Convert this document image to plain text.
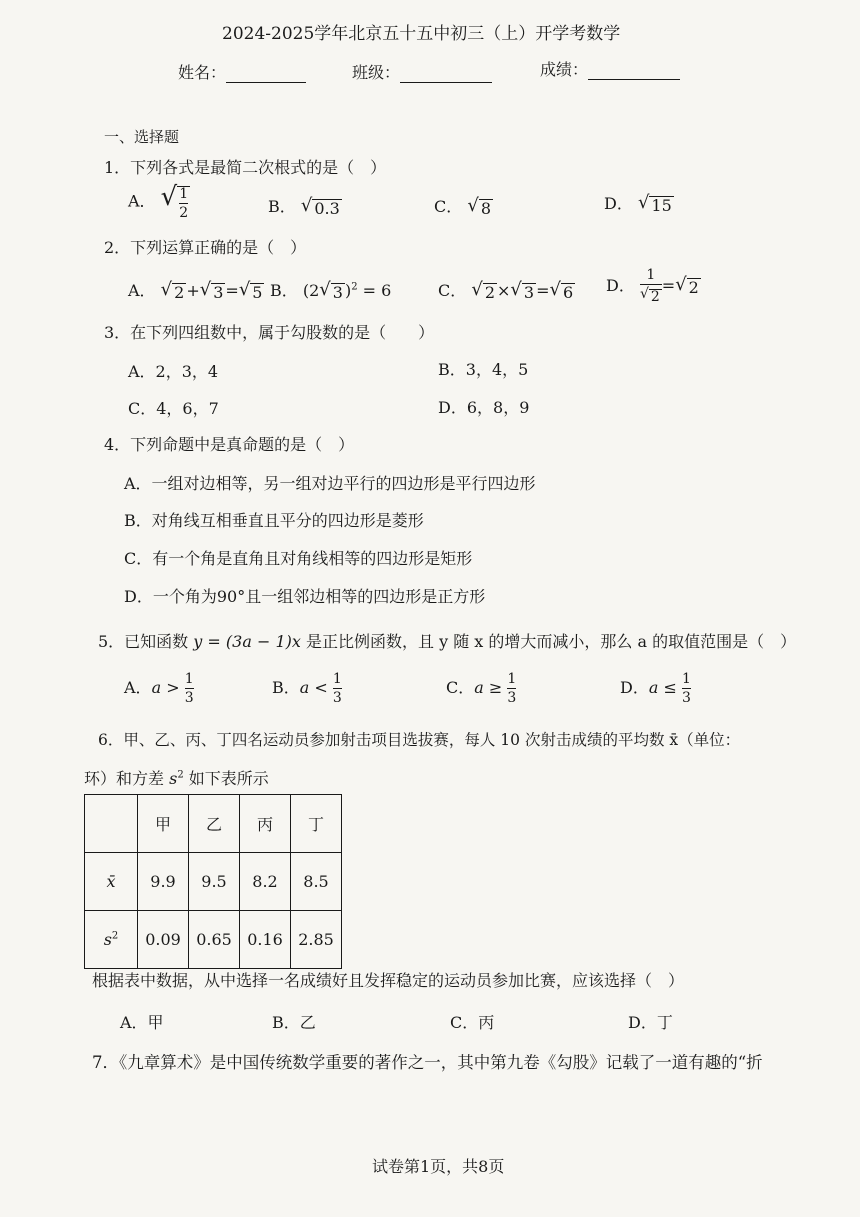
2024-2025学年北京五十五中初三（上）开学考数学
姓名：	班级：	成绩：
一、选择题
1．下列各式是最简二次根式的是（　）
A． √ $\frac{1}{2}$	B． √ 0.3	C． √ 8	D． √ 15
2．下列运算正确的是（　）
A． √ 2 + √ 3 = √ 5 B． (2 √ 3 )$^2$ = 6	C． √ 2 × √ 3 = √ 6 D． $\frac{1}{√ 2}$ = √ 2
3．在下列四组数中，属于勾股数的是（　　）
A．2，3，4	B．3，4，5
C．4，6，7	D．6，8，9
4．下列命题中是真命题的是（　）
A．一组对边相等，另一组对边平行的四边形是平行四边形
B．对角线互相垂直且平分的四边形是菱形
C．有一个角是直角且对角线相等的四边形是矩形
D．一个角为90°且一组邻边相等的四边形是正方形
5．已知函数 y = (3a − 1)x 是正比例函数，且 y 随 x 的增大而减小，那么 a 的取值范围是（　）
A．$a > \frac{1}{3}$	B．$a < \frac{1}{3}$	C．$a \ge \frac{1}{3}$	D．$a \le \frac{1}{3}$
6．甲、乙、丙、丁四名运动员参加射击项目选拔赛，每人 10 次射击成绩的平均数 x̄（单位：
环）和方差 $s^2$ 如下表所示
	甲	乙	丙	丁
x̄	9.9	9.5	8.2	8.5
$s^2$	0.09	0.65	0.16	2.85
根据表中数据，从中选择一名成绩好且发挥稳定的运动员参加比赛，应该选择（　）
A．甲	B．乙	C．丙	D．丁
7．《九章算术》是中国传统数学重要的著作之一，其中第九卷《勾股》记载了一道有趣的“折
试卷第1页，共8页
